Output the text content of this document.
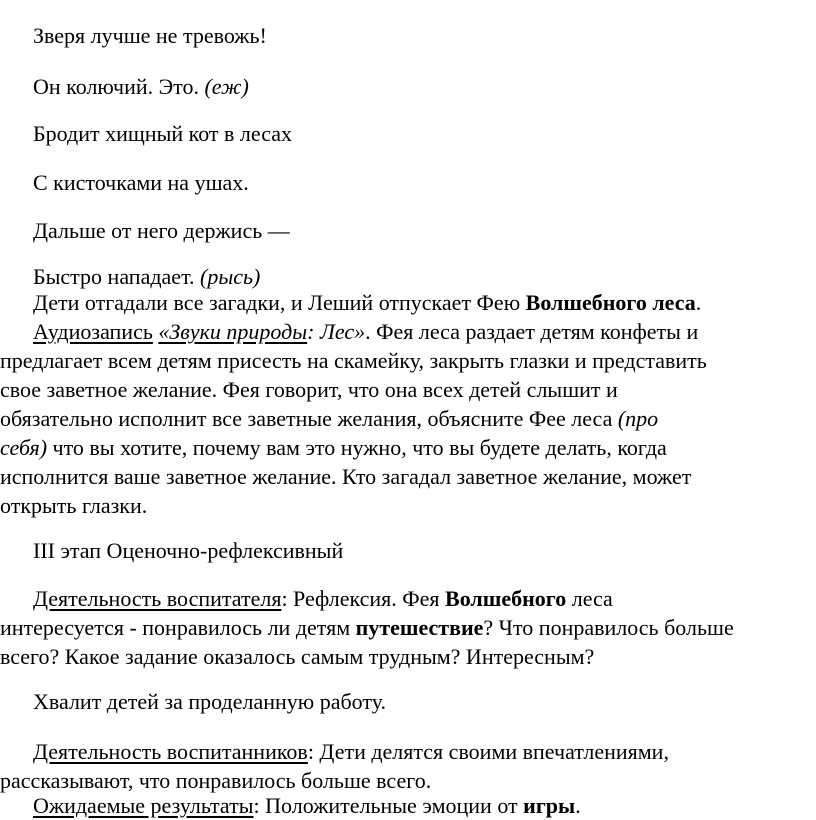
Зверя лучше не тревожь!
Он колючий. Это. (еж)
Бродит хищный кот в лесах
С кисточками на ушах.
Дальше от него держись —
Быстро нападает. (рысь)
Дети отгадали все загадки, и Леший отпускает Фею Волшебного леса.
Аудиозапись «Звуки природы: Лес». Фея леса раздает детям конфеты и
предлагает всем детям присесть на скамейку, закрыть глазки и представить
свое заветное желание. Фея говорит, что она всех детей слышит и
обязательно исполнит все заветные желания, объясните Фее леса (про
себя) что вы хотите, почему вам это нужно, что вы будете делать, когда
исполнится ваше заветное желание. Кто загадал заветное желание, может
открыть глазки.
III этап Оценочно-рефлексивный
Деятельность воспитателя: Рефлексия. Фея Волшебного леса
интересуется - понравилось ли детям путешествие? Что понравилось больше
всего? Какое задание оказалось самым трудным? Интересным?
Хвалит детей за проделанную работу.
Деятельность воспитанников: Дети делятся своими впечатлениями,
рассказывают, что понравилось больше всего.
Ожидаемые результаты: Положительные эмоции от игры.
